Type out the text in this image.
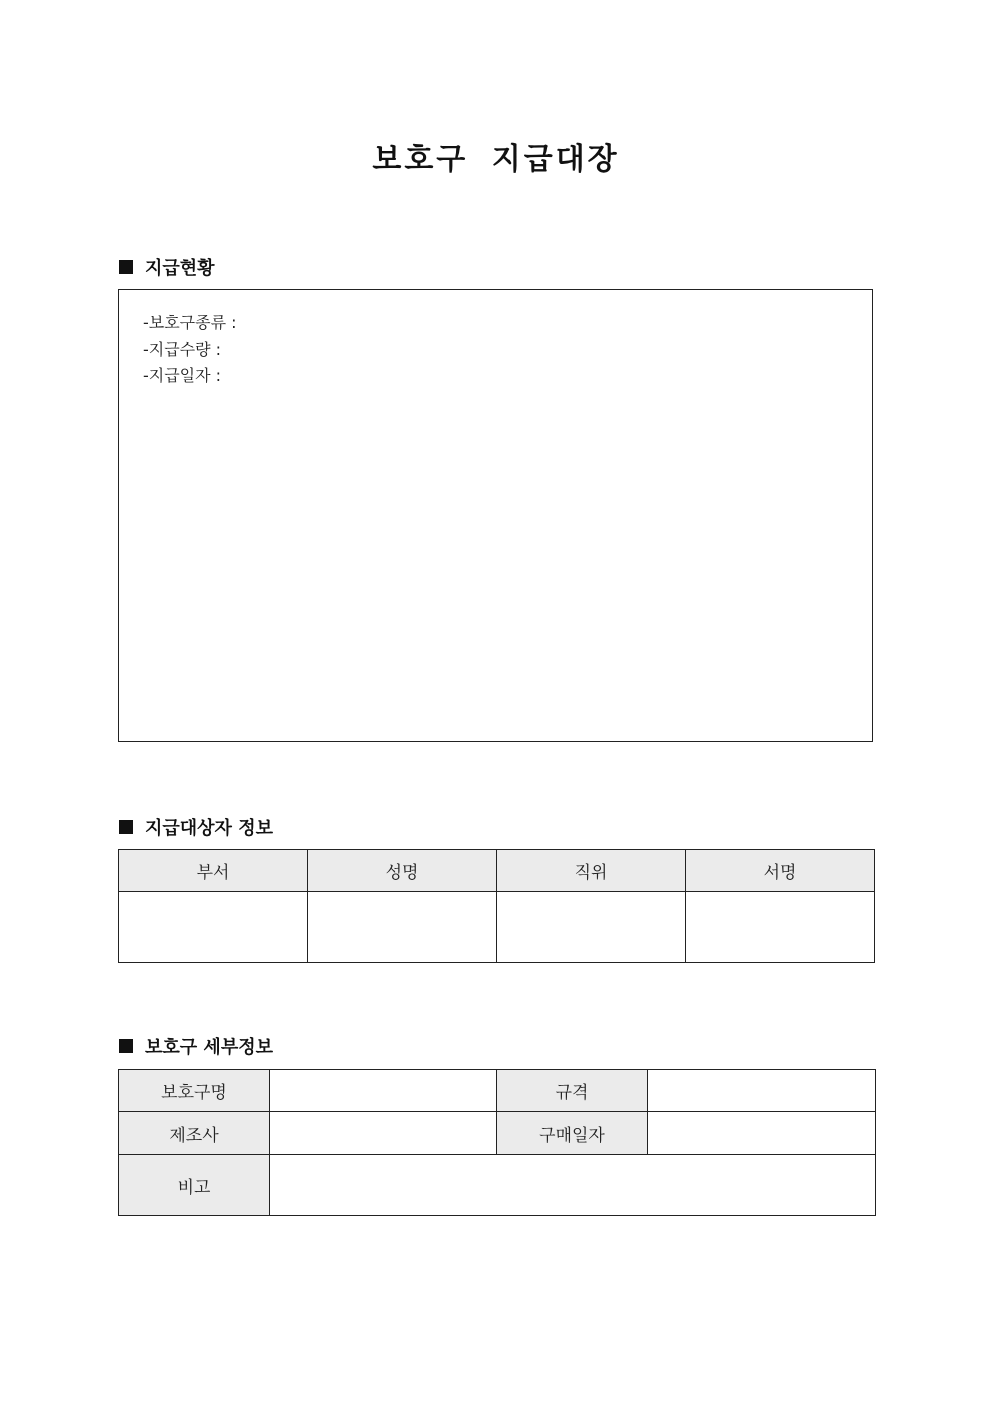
보호구 지급대장
지급현황
-보호구종류 :
-지급수량 :
-지급일자 :
지급대상자 정보
부서	성명	직위	서명

보호구 세부정보
보호구명		규격	
제조사		구매일자	
비고			
